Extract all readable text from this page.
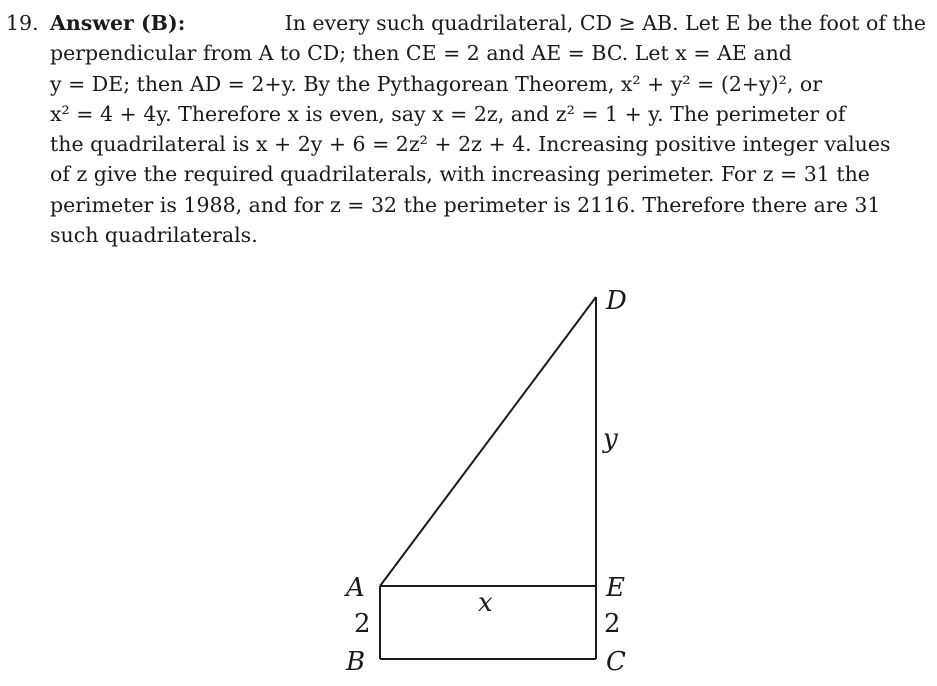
19. Answer (B):	In every such quadrilateral, CD ≥ AB. Let E be the foot of the
perpendicular from A to CD; then CE = 2 and AE = BC. Let x = AE and
y = DE; then AD = 2+y. By the Pythagorean Theorem, x² + y² = (2+y)², or
x² = 4 + 4y. Therefore x is even, say x = 2z, and z² = 1 + y. The perimeter of
the quadrilateral is x + 2y + 6 = 2z² + 2z + 4. Increasing positive integer values
of z give the required quadrilaterals, with increasing perimeter. For z = 31 the
perimeter is 1988, and for z = 32 the perimeter is 2116. Therefore there are 31
such quadrilaterals.
D
A	E
B	C
y
x
2	2
